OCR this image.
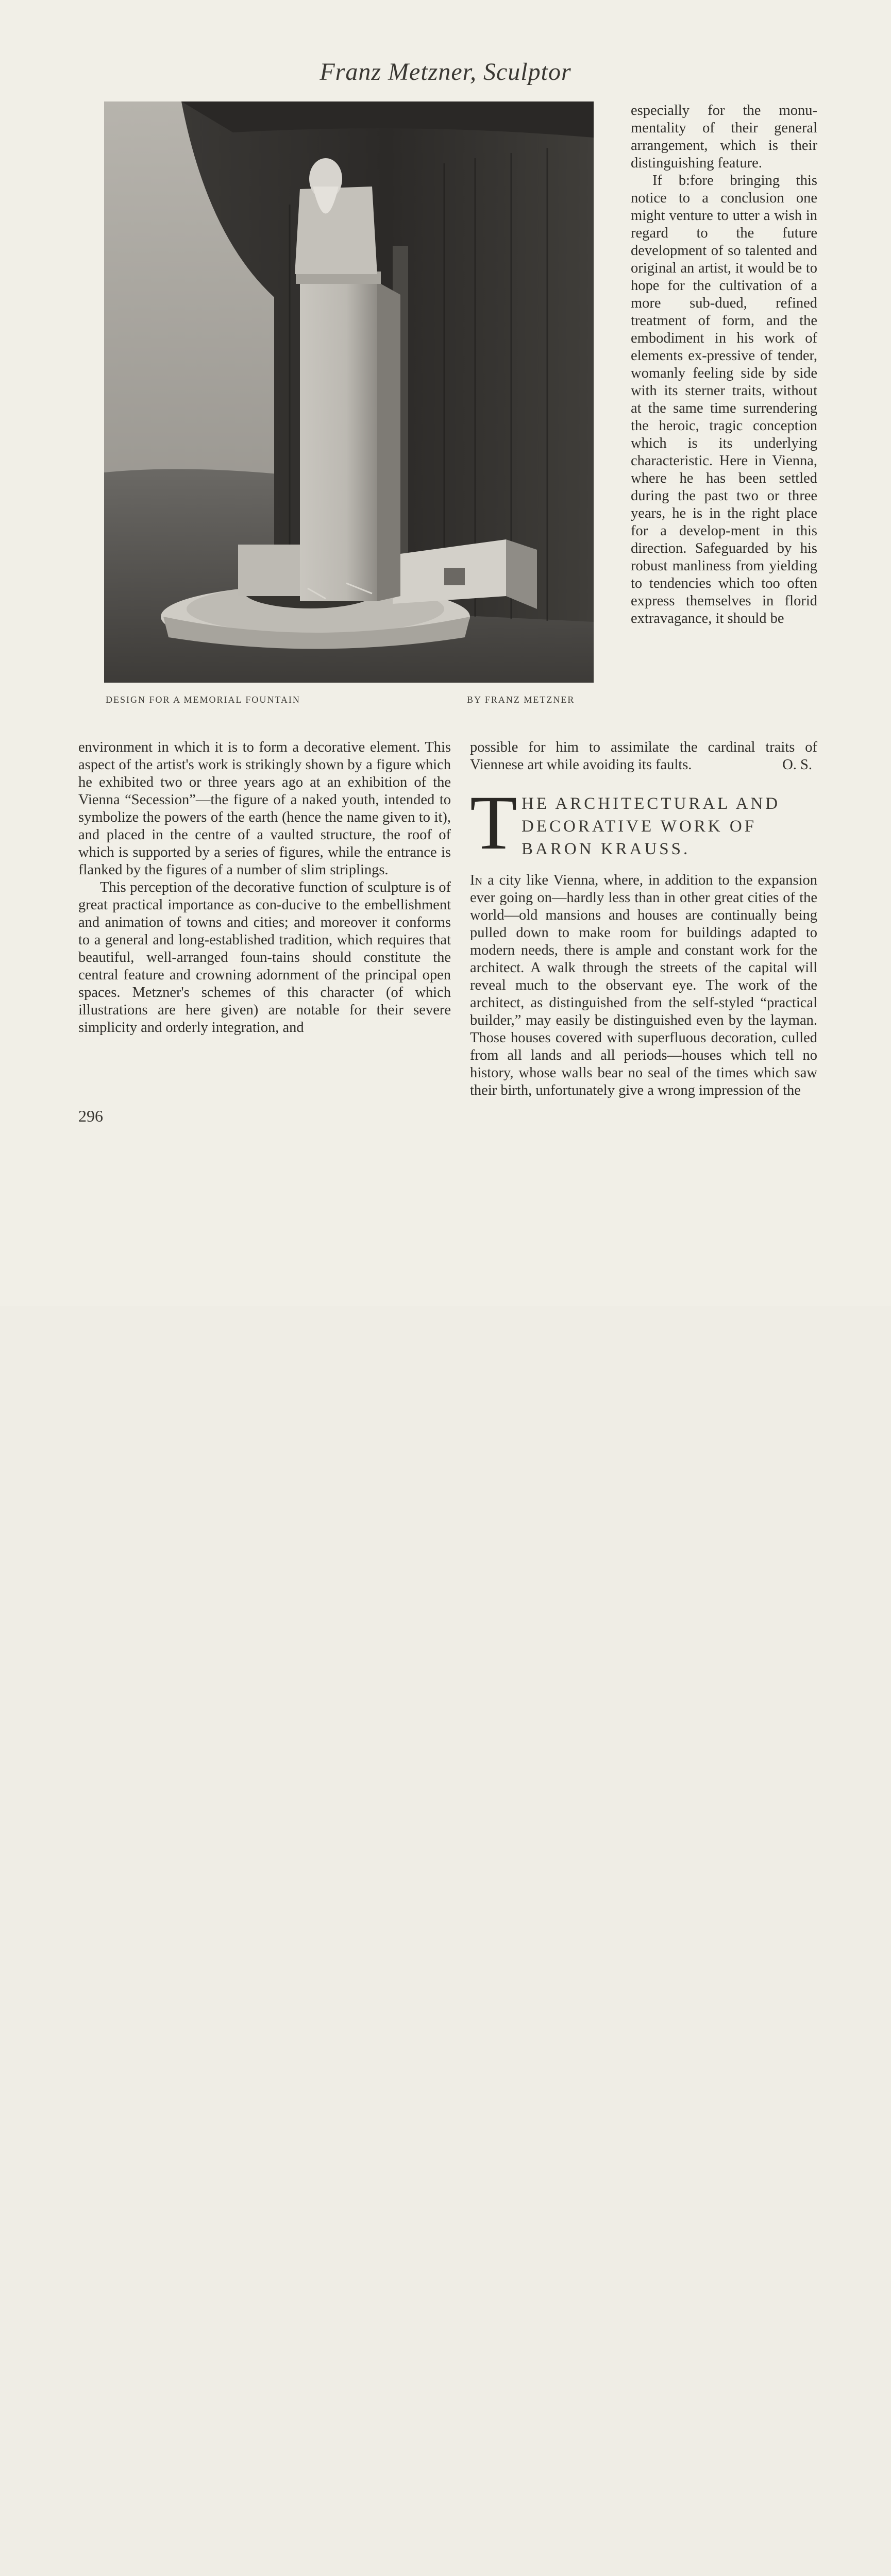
Franz Metzner, Sculptor
DESIGN FOR A MEMORIAL FOUNTAIN	BY FRANZ METZNER

especially for the monu-mentality of their general arrangement, which is their distinguishing feature.

If b:fore bringing this notice to a conclusion one might venture to utter a wish in regard to the future development of so talented and original an artist, it would be to hope for the cultivation of a more sub-dued, refined treatment of form, and the embodiment in his work of elements ex-pressive of tender, womanly feeling side by side with its sterner traits, without at the same time surrendering the heroic, tragic conception which is its underlying characteristic. Here in Vienna, where he has been settled during the past two or three years, he is in the right place for a develop-ment in this direction. Safeguarded by his robust manliness from yielding to tendencies which too often express themselves in florid extravagance, it should be

environment in which it is to form a decorative element. This aspect of the artist's work is strikingly shown by a figure which he exhibited two or three years ago at an exhibition of the Vienna “Secession”—the figure of a naked youth, intended to symbolize the powers of the earth (hence the name given to it), and placed in the centre of a vaulted structure, the roof of which is supported by a series of figures, while the entrance is flanked by the figures of a number of slim striplings.

This perception of the decorative function of sculpture is of great practical importance as con-ducive to the embellishment and animation of towns and cities; and moreover it conforms to a general and long-established tradition, which requires that beautiful, well-arranged foun-tains should constitute the central feature and crowning adornment of the principal open spaces. Metzner's schemes of this character (of which illustrations are here given) are notable for their severe simplicity and orderly integration, and

possible for him to assimilate the cardinal traits of Viennese art while avoiding its faults.	O. S.
T HE ARCHITECTURAL AND DECORATIVE WORK OF BARON KRAUSS.
In a city like Vienna, where, in addition to the expansion ever going on—hardly less than in other great cities of the world—old mansions and houses are continually being pulled down to make room for buildings adapted to modern needs, there is ample and constant work for the architect. A walk through the streets of the capital will reveal much to the observant eye. The work of the architect, as distinguished from the self-styled “practical builder,” may easily be distinguished even by the layman. Those houses covered with superfluous decoration, culled from all lands and all periods—houses which tell no history, whose walls bear no seal of the times which saw their birth, unfortunately give a wrong impression of the
296
